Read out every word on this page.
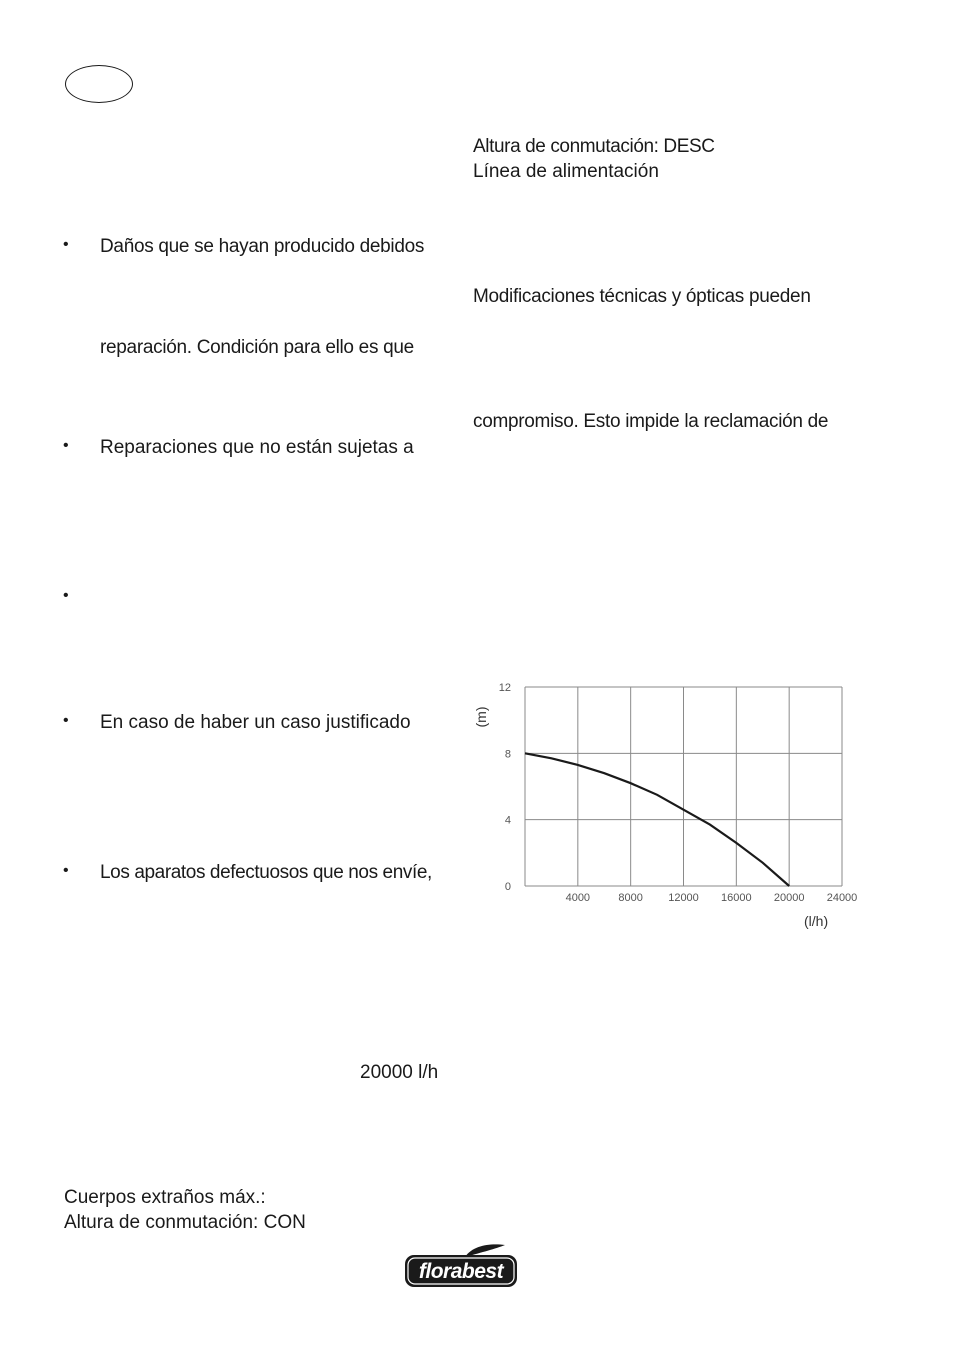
• Daños que se hayan producido debidos
reparación. Condición para ello es que
• Reparaciones que no están sujetas a
•
• En caso de haber un caso justificado
• Los aparatos defectuosos que nos envíe,
20000 l/h
Cuerpos extraños máx.:
Altura de conmutación: CON
Altura de conmutación: DESC
Línea de alimentación
Modificaciones técnicas y ópticas pueden
compromiso. Esto impide la reclamación de
0
4
8
12
4000	8000 12000 16000 20000 24000
(m)
(l/h)
florabest
